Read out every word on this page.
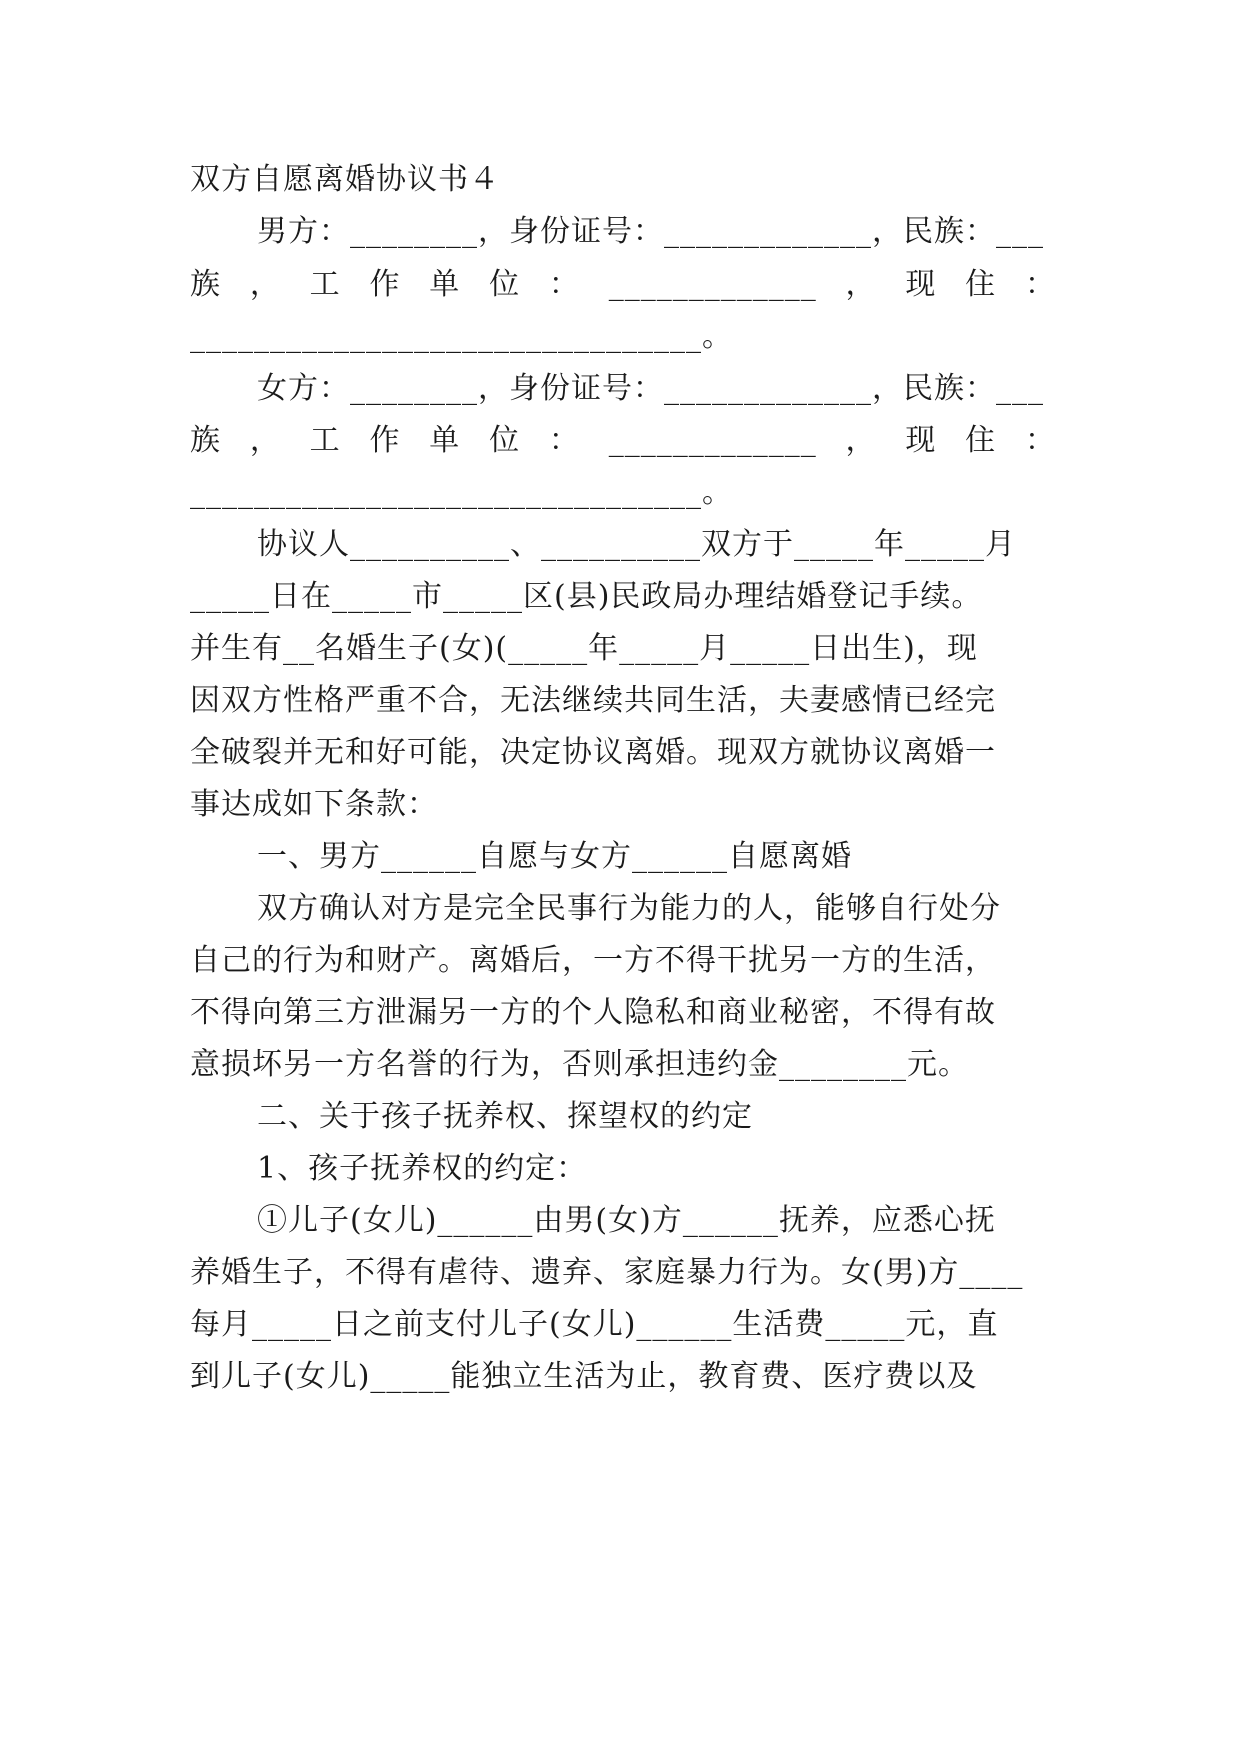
双方自愿离婚协议书４
男方：________，身份证号：_____________，民族：___
族 ， 工 作 单 位 ： _____________ ， 现 住 ：
________________________________。
女方：________，身份证号：_____________，民族：___
族 ， 工 作 单 位 ： _____________ ， 现 住 ：
________________________________。
协议人__________、__________双方于_____年_____月
_____日在_____市_____区(县)民政局办理结婚登记手续。
并生有__名婚生子(女)(_____年_____月_____日出生)，现
因双方性格严重不合，无法继续共同生活，夫妻感情已经完
全破裂并无和好可能，决定协议离婚。现双方就协议离婚一
事达成如下条款：
一、男方______自愿与女方______自愿离婚
双方确认对方是完全民事行为能力的人，能够自行处分
自己的行为和财产。离婚后，一方不得干扰另一方的生活，
不得向第三方泄漏另一方的个人隐私和商业秘密，不得有故
意损坏另一方名誉的行为，否则承担违约金________元。
二、关于孩子抚养权、探望权的约定
1、孩子抚养权的约定：
①儿子(女儿)______由男(女)方______抚养，应悉心抚
养婚生子，不得有虐待、遗弃、家庭暴力行为。女(男)方____
每月_____日之前支付儿子(女儿)______生活费_____元，直
到儿子(女儿)_____能独立生活为止，教育费、医疗费以及
